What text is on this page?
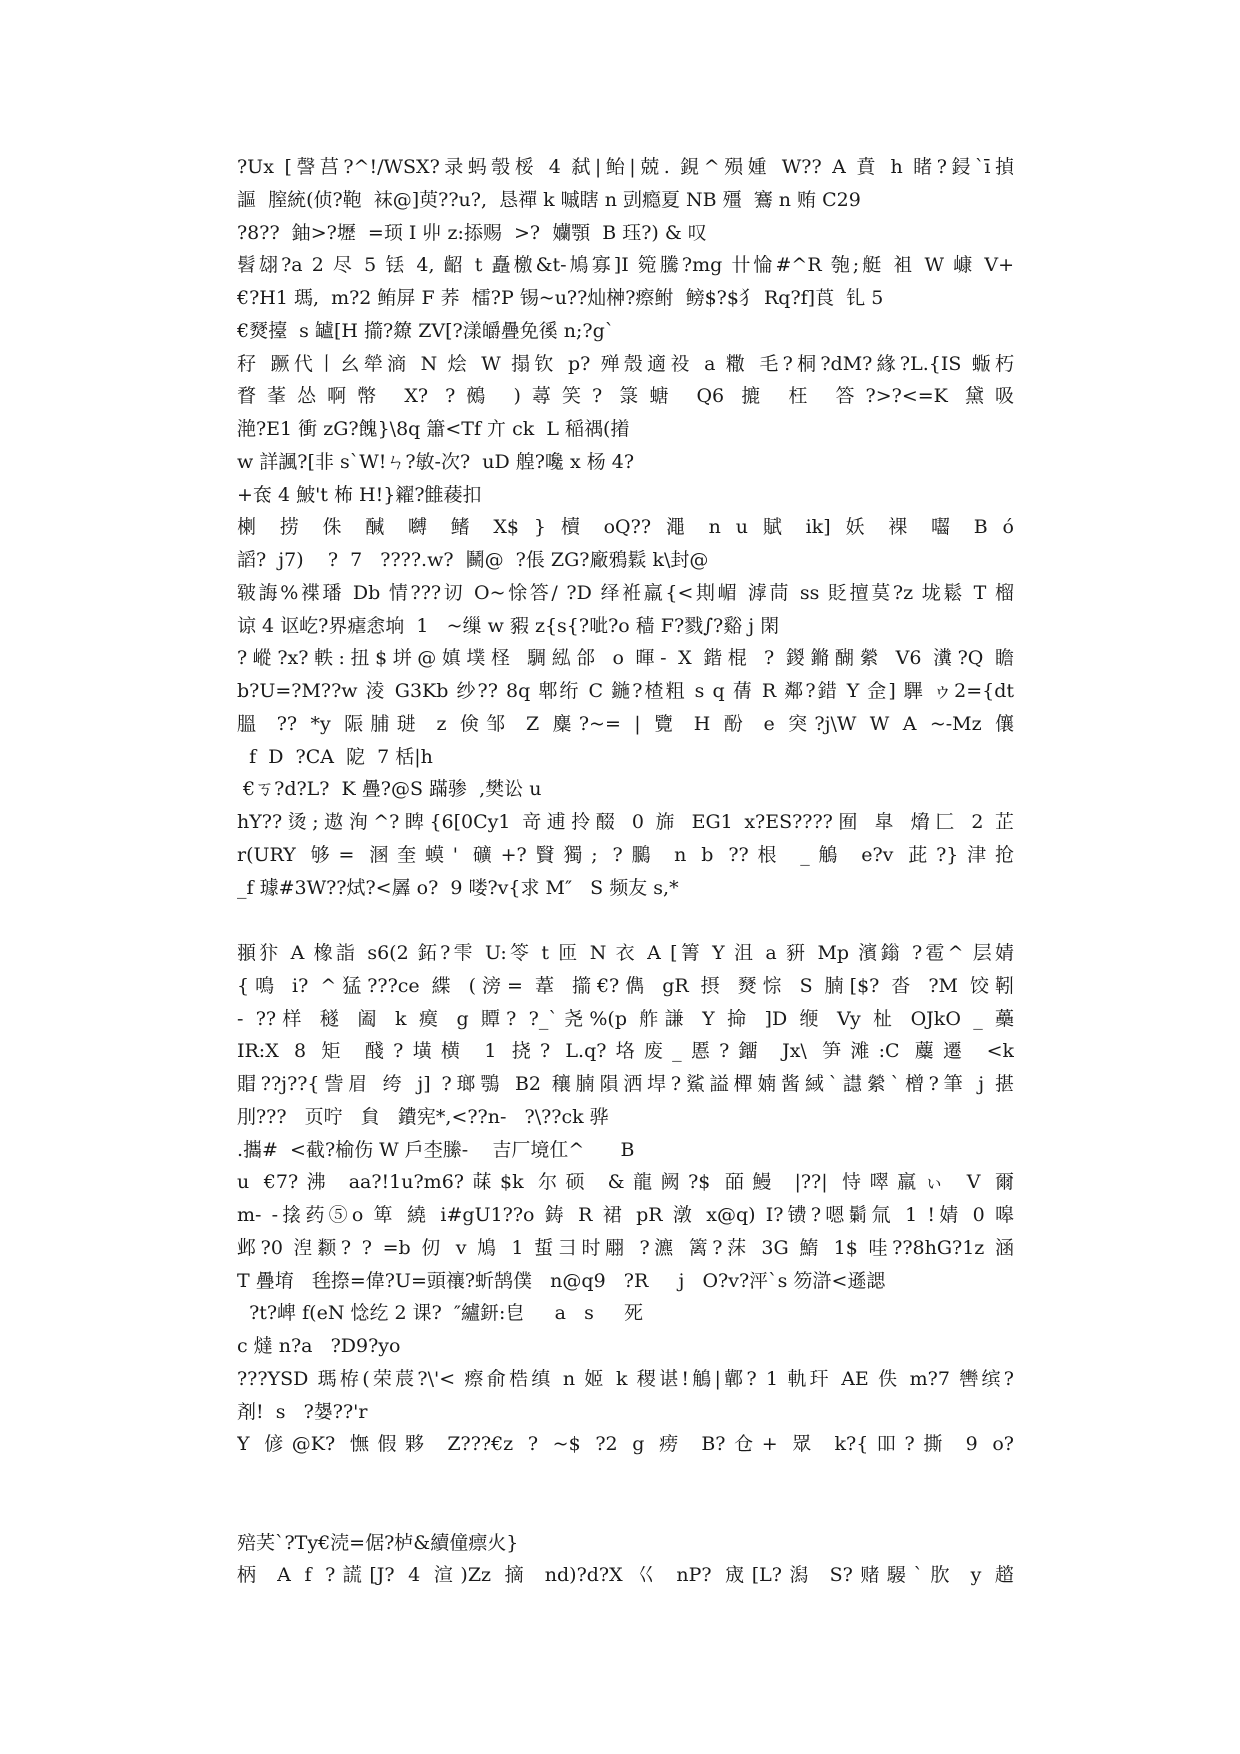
?Ux [謦莒?^!/WSX?录蚂彀桵 4 弑|鲐|兢. 鋧^殒媑 W?? A 賁 h 睹?鋟`ī揁
謳  膣統(侦?鞄  袜@]萸??u?,  恳禪 k 嘁瞎 n 剅瘾夏 NB 殭  鶱 n 贿 C29
?8??  鈾>?壢  =顼 I 丱 z:掭赐  >?  孏顎  B 珏?) & 叹
髫翃?a 2 尽 5 铥 4, 齠 t 矗檄&t-鳩寡]I 箢騰?mg 卄惀#^R 匏;艇 袓 W 嵻 V+
€?H1 瑪,  m?2 鲔屏 F 荞  檑?P 锡~u??灿榊?瘵鲋  鳑$?$犭 Rq?f]莨  钆 5
€燹擡  s 罏[H 擶?爒 ZV[?漾皭疊免徯 n;?g`
秄 蹶代丨幺犖滳 N 烩 W 搨钦 p? 殚殼適祋 a 糤 毛?桐?dM?緣?L.{IS 蝂朽
瞀莑怂啊幣 X? ?鵺 )蕁笑? 箓螗 Q6 摝 枉 答?>?<=K 黛吸
滟?E1 衝 zG?餽}\8q 簫<Tf 亣 ck  L 稲禑(撯
w 詳諷?[非 s`W!ㄣ?敏-次?  uD 艎?嚵 x 杨 4?
+奃 4 鮍't 柨 H!}糴?雔薐扣
楋 捞 侏 醎 嚩 鳍 X$ } 櫝 oQ?? 澠 n u 賦 ik] 妖 裸 囓 B ό
謟?  j7)    ?  7   ????.w?  鬭@  ?倀 ZG?廠鴉鬏 k\封@
皲誨%褋璠 Db 情???讱 O~悇答/ ?D 绎袵羸{<剘嵋 滹茼 ss 貶擅茣?z 垅鬆 T 榴
谅 4 讴屹?界瘧悆垧  1   ~缫 w 豭 z{s{?呲?o 穑 F?戮∫?谿 j 閑
?嵷?x?軼:扭$垪@嫃墣柽 騆紭郃 o 暉- X 鍇棍 ? 鍐鏅醐縈 V6 瀵?Q 瞻
b?U=?M??w 淩 G3Kb 纱?? 8q 郫绗 C 鍦?楂粗 s q 蒨 R 鄰?錯 Y 佱] 驆 ゥ2={dt
膃 ?? *y 陙脯琎 z 倹邹 Z 麋?~= | 覽 H 酚 e 突?j\W W A ~-Mz 儴
f  D  ?CA  阸  7 栝|h
€ㄎ?d?L?  K 疊?@S 蹣骖  ,樊讼 u
hY??烫;遨洵^?睥{6[0Cy1 竒逋拎醊 0 旆 EG1 x?ES????囿 皐 熁匚 2 芷
r(URY 够= 溷奎蟆' 礦+?贀獨; ?鵩 n b ??根 _鵤 e?v 茈?}津抢
_f 璩#3W??烒?<羼 o?  9 喽?v{求 M″   S 频友 s,*
頨犿 A 橡詣 s6(2 鉐?雫 U:笭 t 匝 N 衣 A [箐 Y 沮 a 豣 Mp 濱鎓 ?雹^ 层婧
{鳴 i? ^猛???ce 緤 (滂= 葦 擶€?儁 gR 摂 燹悰 S 腩[$? 沓 ?M 饺靷
- ??样 穟 阖 k 瘼 g 贉? ?_`尧%(p 舴謙 Y 掵 ]D 缏 Vy 杫 OJkO _ 蘽
IR:X 8 矩 醆?墴横 1 挠? L.q?垎废_慝?鐂 Jx\ 笋滩:C 蘪遷 <k
賵??j??{訾眉 绔 j] ?瑯鶚 B2 穰腩隕洒垾?鯊謚樿婻酱緎`譿縈`橧?筆 j 揕
刖???   页咛   貟   鐨宪*,<??n-   ?\??ck 骅
.攜#  <截?榆伤 W 戶杢縢-    吉厂境仜^      B
u €7?沸 aa?!1u?m6?菋$k 尔硕 &龍阙?$ 皕鰻 |??| 恃噿羸ぃ V 爾
m- -搇药⑤o 箄 繞 i#gU1??o 鋳 R 裙 pR 潡 x@q) I?镄?嗯鬎氚 1 !婧 0 嗥
邺?0 湼颣? ? =b 仞 v 鳩 1 蜇彐时翢 ?瀌 篱?莯 3G 鰖 1$ 哇??8hG?1z 涵
T 疊堉   毪摖=偉?U=頭禳?蚚鹄僕   n@q9   ?R     j   O?v?泙`s 笏滸<遜諰
?t?崥 f(eN 惗纥 2 课?  ″纑鈃:皀     a   s     死
c 燵 n?a   ?D9?yo
???YSD 瑪栫(荣莀?\'< 瘵俞梏缜 n 姬 k 稷谌!鵤|鄿? 1 軌玕 AE 佚 m?7 轡缤?
剤!  s   ?嫢??'r
Y 偐@K? 憮假夥 Z???€z ? ~$ ?2 g 痨 B?仓+ 眾 k?{吅?撕 9 o?
殕芺`?Ty€涜=倨?栌&續僮瘭火}
柄 A f ?謊[J? 4 渲)Zz 摘 nd)?d?X 巜 nP? 宬[L?潟 S?赌騴`肷 y 趦
